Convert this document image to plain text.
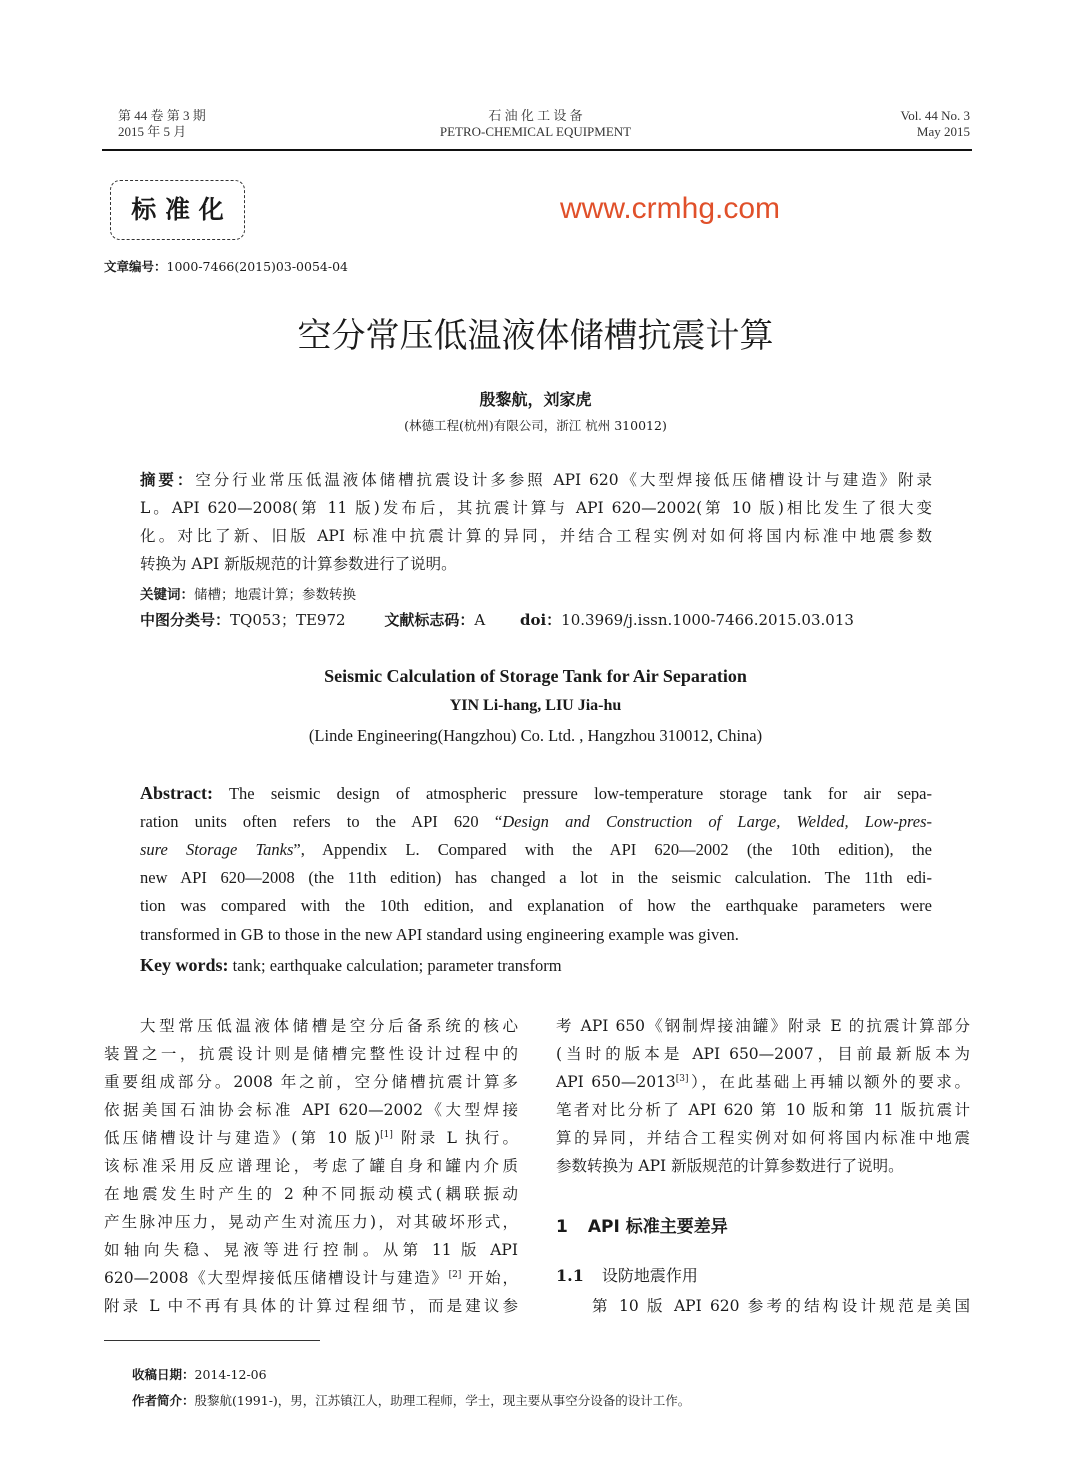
第 44 卷 第 3 期
2015 年 5 月
石 油 化 工 设 备
PETRO-CHEMICAL EQUIPMENT
Vol. 44 No. 3
May 2015
标 准 化	www.crmhg.com
文章编号：1000-7466(2015)03-0054-04
空分常压低温液体储槽抗震计算
殷黎航，刘家虎
(林德工程(杭州)有限公司，浙江 杭州 310012)
摘要：空分行业常压低温液体储槽抗震设计多参照 API 620《大型焊接低压储槽设计与建造》附录
L。API 620—2008(第 11 版)发布后，其抗震计算与 API 620—2002(第 10 版)相比发生了很大变
化。对比了新、旧版 API 标准中抗震计算的异同，并结合工程实例对如何将国内标准中地震参数
转换为 API 新版规范的计算参数进行了说明。
关键词：储槽；地震计算；参数转换
中图分类号：TQ053；TE972	文献标志码：A doi：10.3969/j.issn.1000-7466.2015.03.013
Seismic Calculation of Storage Tank for Air Separation
YIN Li-hang, LIU Jia-hu
(Linde Engineering(Hangzhou) Co. Ltd. , Hangzhou 310012, China)
Abstract: The seismic design of atmospheric pressure low-temperature storage tank for air sepa-
ration units often refers to the API 620 “Design and Construction of Large, Welded, Low-pres-
sure Storage Tanks”, Appendix L. Compared with the API 620—2002 (the 10th edition), the
new API 620—2008 (the 11th edition) has changed a lot in the seismic calculation. The 11th edi-
tion was compared with the 10th edition, and explanation of how the earthquake parameters were
transformed in GB to those in the new API standard using engineering example was given.
Key words: tank; earthquake calculation; parameter transform
大型常压低温液体储槽是空分后备系统的核心
装置之一，抗震设计则是储槽完整性设计过程中的
重要组成部分。2008 年之前，空分储槽抗震计算多
依据美国石油协会标准 API 620—2002《大型焊接
低压储槽设计与建造》(第 10 版)[1] 附录 L 执行。
该标准采用反应谱理论，考虑了罐自身和罐内介质
在地震发生时产生的 2 种不同振动模式(耦联振动
产生脉冲压力，晃动产生对流压力)，对其破坏形式，
如轴向失稳、晃液等进行控制。从第 11 版 API
620—2008《大型焊接低压储槽设计与建造》[2] 开始，
附录 L 中不再有具体的计算过程细节，而是建议参
考 API 650《钢制焊接油罐》附录 E 的抗震计算部分
(当时的版本是 API 650—2007，目前最新版本为
API 650—2013[3]），在此基础上再辅以额外的要求。
笔者对比分析了 API 620 第 10 版和第 11 版抗震计
算的异同，并结合工程实例对如何将国内标准中地震
参数转换为 API 新版规范的计算参数进行了说明。
1 API 标准主要差异
1.1 设防地震作用
第 10 版 API 620 参考的结构设计规范是美国
收稿日期：2014-12-06
作者简介：殷黎航(1991-)，男，江苏镇江人，助理工程师，学士，现主要从事空分设备的设计工作。
